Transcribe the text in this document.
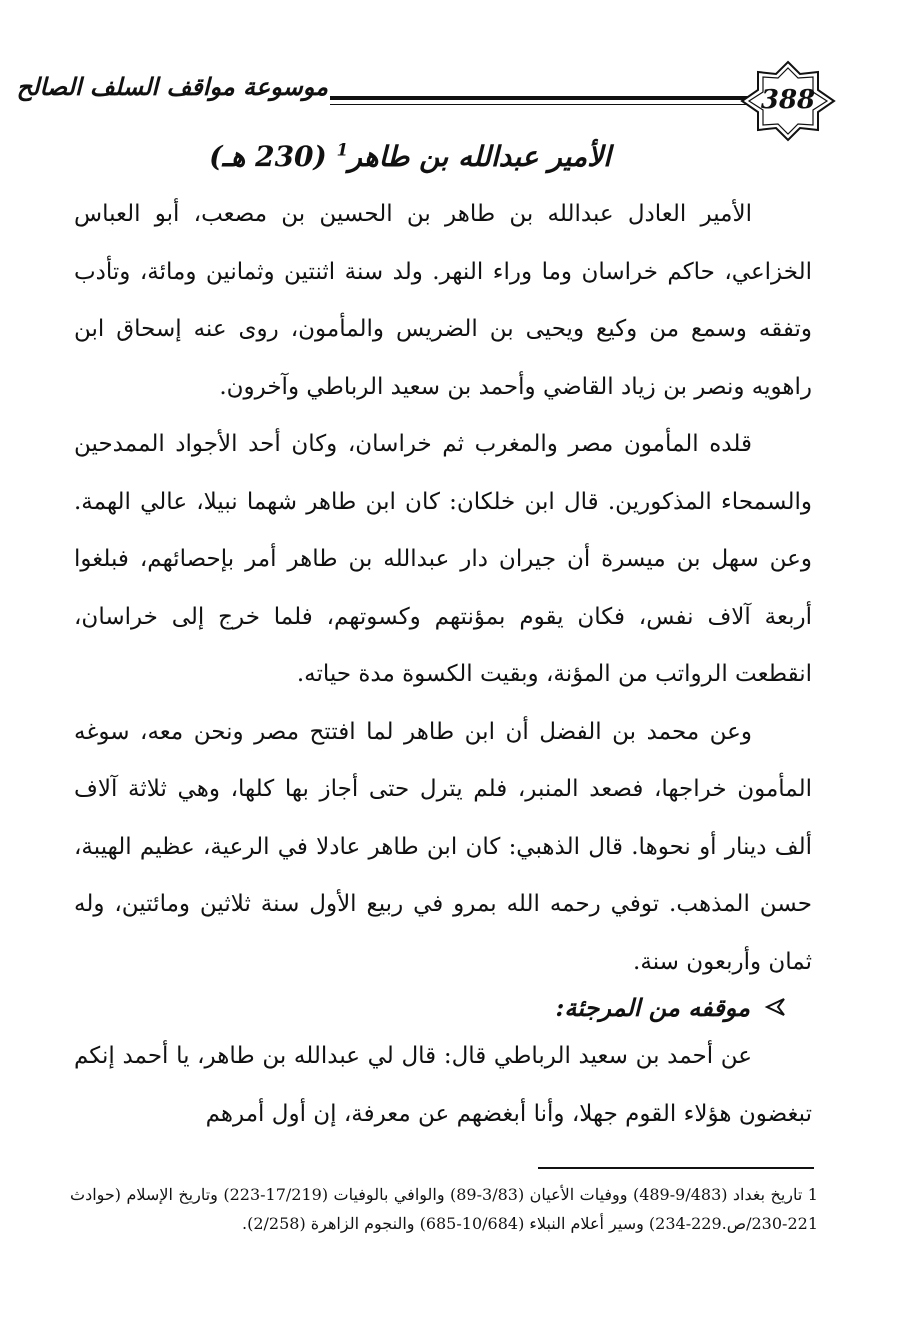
موسوعة مواقف السلف الصالح	388
الأمير عبدالله بن طاهر$^1$ (230 هـ)

الأمير العادل عبدالله بن طاهر بن الحسين بن مصعب، أبو العباس الخزاعي، حاكم خراسان وما وراء النهر. ولد سنة اثنتين وثمانين ومائة، وتأدب وتفقه وسمع من وكيع ويحيى بن الضريس والمأمون، روى عنه إسحاق ابن راهويه ونصر بن زياد القاضي وأحمد بن سعيد الرباطي وآخرون.

قلده المأمون مصر والمغرب ثم خراسان، وكان أحد الأجواد الممدحين والسمحاء المذكورين. قال ابن خلكان: كان ابن طاهر شهما نبيلا، عالي الهمة. وعن سهل بن ميسرة أن جيران دار عبدالله بن طاهر أمر بإحصائهم، فبلغوا أربعة آلاف نفس، فكان يقوم بمؤنتهم وكسوتهم، فلما خرج إلى خراسان، انقطعت الرواتب من المؤنة، وبقيت الكسوة مدة حياته.

وعن محمد بن الفضل أن ابن طاهر لما افتتح مصر ونحن معه، سوغه المأمون خراجها، فصعد المنبر، فلم يترل حتى أجاز بها كلها، وهي ثلاثة آلاف ألف دينار أو نحوها. قال الذهبي: كان ابن طاهر عادلا في الرعية، عظيم الهيبة، حسن المذهب. توفي رحمه الله بمرو في ربيع الأول سنة ثلاثين ومائتين، وله ثمان وأربعون سنة.

موقفه من المرجئة:

عن أحمد بن سعيد الرباطي قال: قال لي عبدالله بن طاهر، يا أحمد إنكم تبغضون هؤلاء القوم جهلا، وأنا أبغضهم عن معرفة، إن أول أمرهم

1 تاريخ بغداد (9/483-489) ووفيات الأعيان (3/83-89) والوافي بالوفيات (17/219-223) وتاريخ الإسلام (حوادث 221-230/ص.229-234) وسير أعلام النبلاء (10/684-685) والنجوم الزاهرة (2/258).
